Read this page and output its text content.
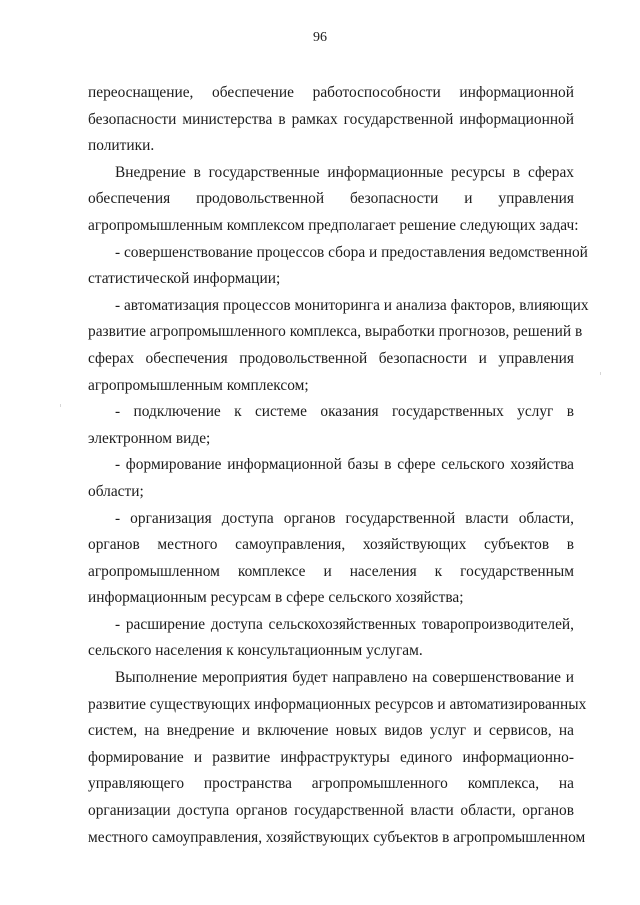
96
переоснащение, обеспечение работоспособности информационной
безопасности министерства в рамках государственной информационной
политики.
Внедрение в государственные информационные ресурсы в сферах
обеспечения продовольственной безопасности и управления
агропромышленным комплексом предполагает решение следующих задач:
- совершенствование процессов сбора и предоставления ведомственной
статистической информации;
- автоматизация процессов мониторинга и анализа факторов, влияющих
развитие агропромышленного комплекса, выработки прогнозов, решений в
сферах обеспечения продовольственной безопасности и управления
агропромышленным комплексом;
- подключение к системе оказания государственных услуг в
электронном виде;
- формирование информационной базы в сфере сельского хозяйства
области;
- организация доступа органов государственной власти области,
органов местного самоуправления, хозяйствующих субъектов в
агропромышленном комплексе и населения к государственным
информационным ресурсам в сфере сельского хозяйства;
- расширение доступа сельскохозяйственных товаропроизводителей,
сельского населения к консультационным услугам.
Выполнение мероприятия будет направлено на совершенствование и
развитие существующих информационных ресурсов и автоматизированных
систем, на внедрение и включение новых видов услуг и сервисов, на
формирование и развитие инфраструктуры единого информационно-
управляющего пространства агропромышленного комплекса, на
организации доступа органов государственной власти области, органов
местного самоуправления, хозяйствующих субъектов в агропромышленном
